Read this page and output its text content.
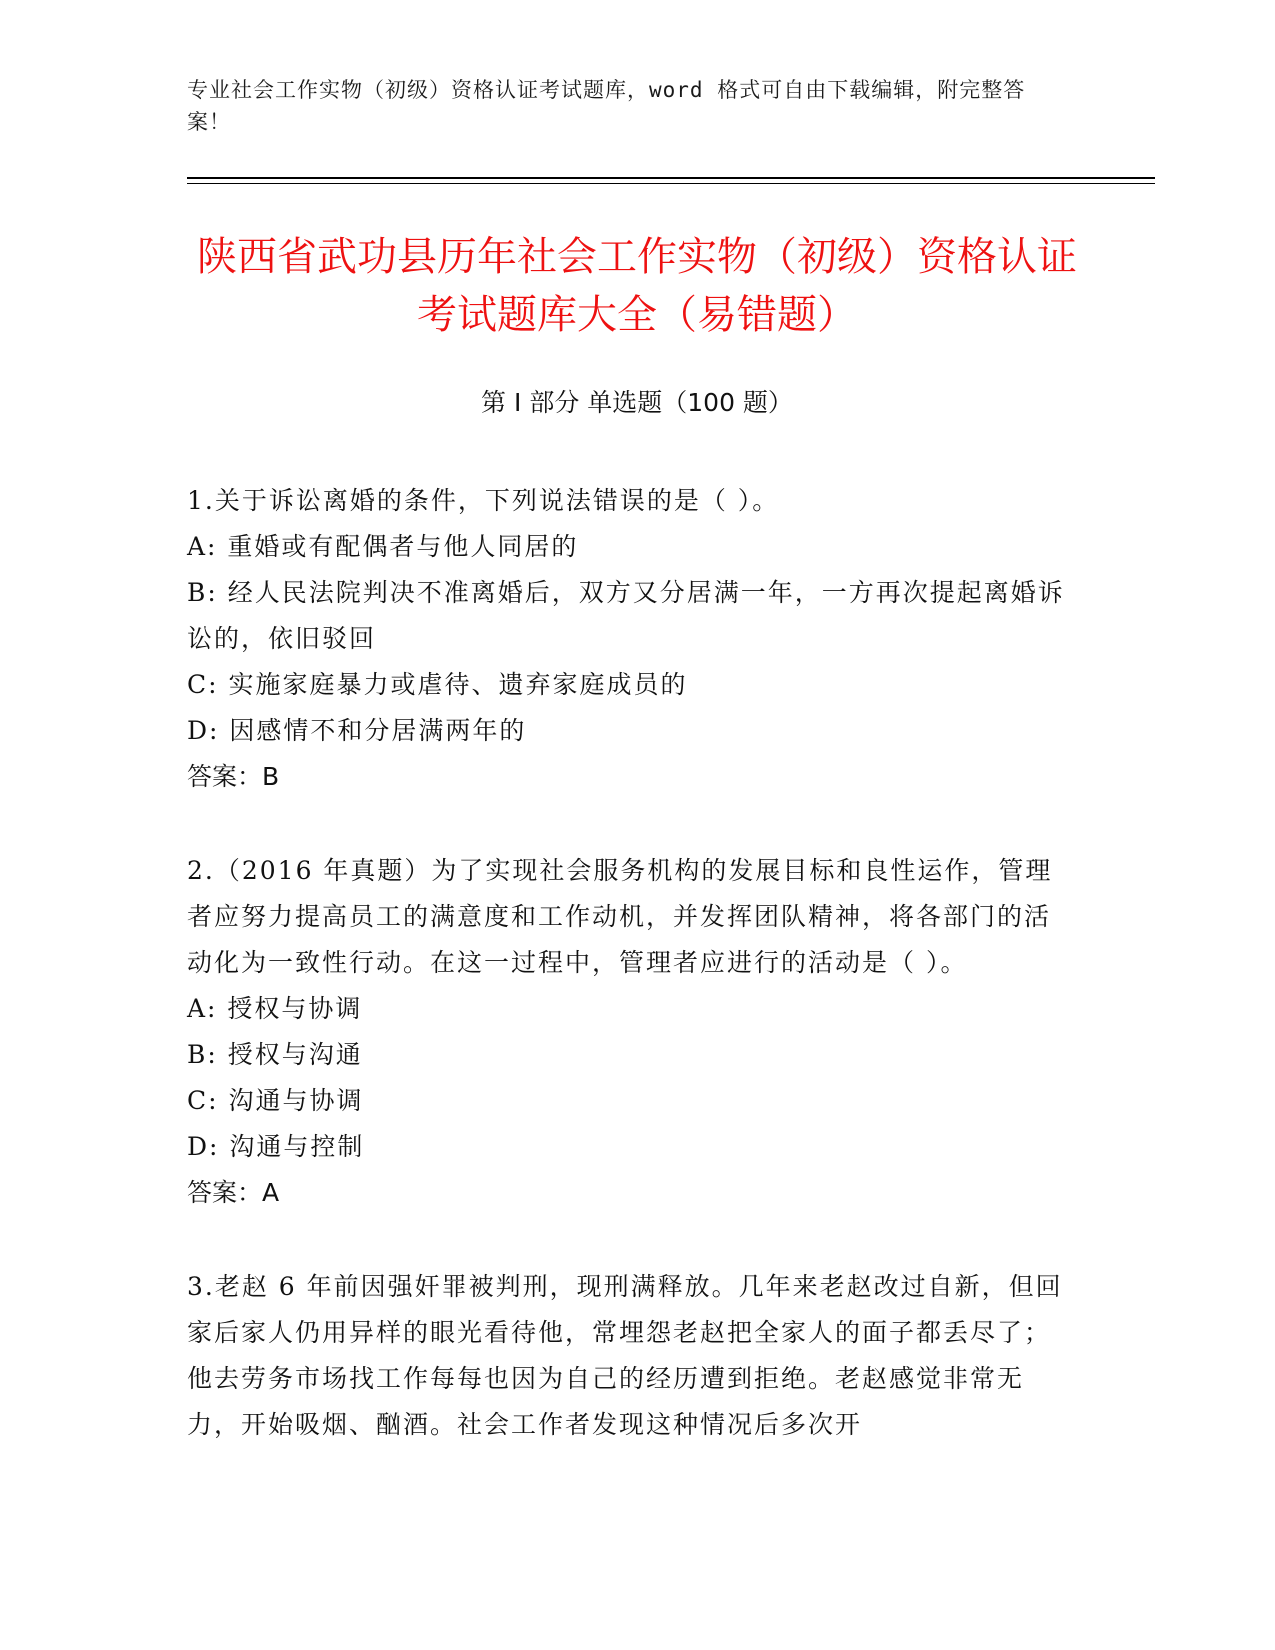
专业社会工作实物（初级）资格认证考试题库，word 格式可自由下载编辑，附完整答案！
陕西省武功县历年社会工作实物（初级）资格认证考试题库大全（易错题）
第 I 部分 单选题（100 题）

1.关于诉讼离婚的条件，下列说法错误的是（ ）。

A: 重婚或有配偶者与他人同居的

B: 经人民法院判决不准离婚后，双方又分居满一年，一方再次提起离婚诉讼的，依旧驳回

C: 实施家庭暴力或虐待、遗弃家庭成员的

D: 因感情不和分居满两年的

答案：B

2.（2016 年真题）为了实现社会服务机构的发展目标和良性运作，管理者应努力提高员工的满意度和工作动机，并发挥团队精神，将各部门的活动化为一致性行动。在这一过程中，管理者应进行的活动是（ ）。

A: 授权与协调

B: 授权与沟通

C: 沟通与协调

D: 沟通与控制

答案：A

3.老赵 6 年前因强奸罪被判刑，现刑满释放。几年来老赵改过自新，但回家后家人仍用异样的眼光看待他，常埋怨老赵把全家人的面子都丢尽了；他去劳务市场找工作每每也因为自己的经历遭到拒绝。老赵感觉非常无力，开始吸烟、酗酒。社会工作者发现这种情况后多次开
